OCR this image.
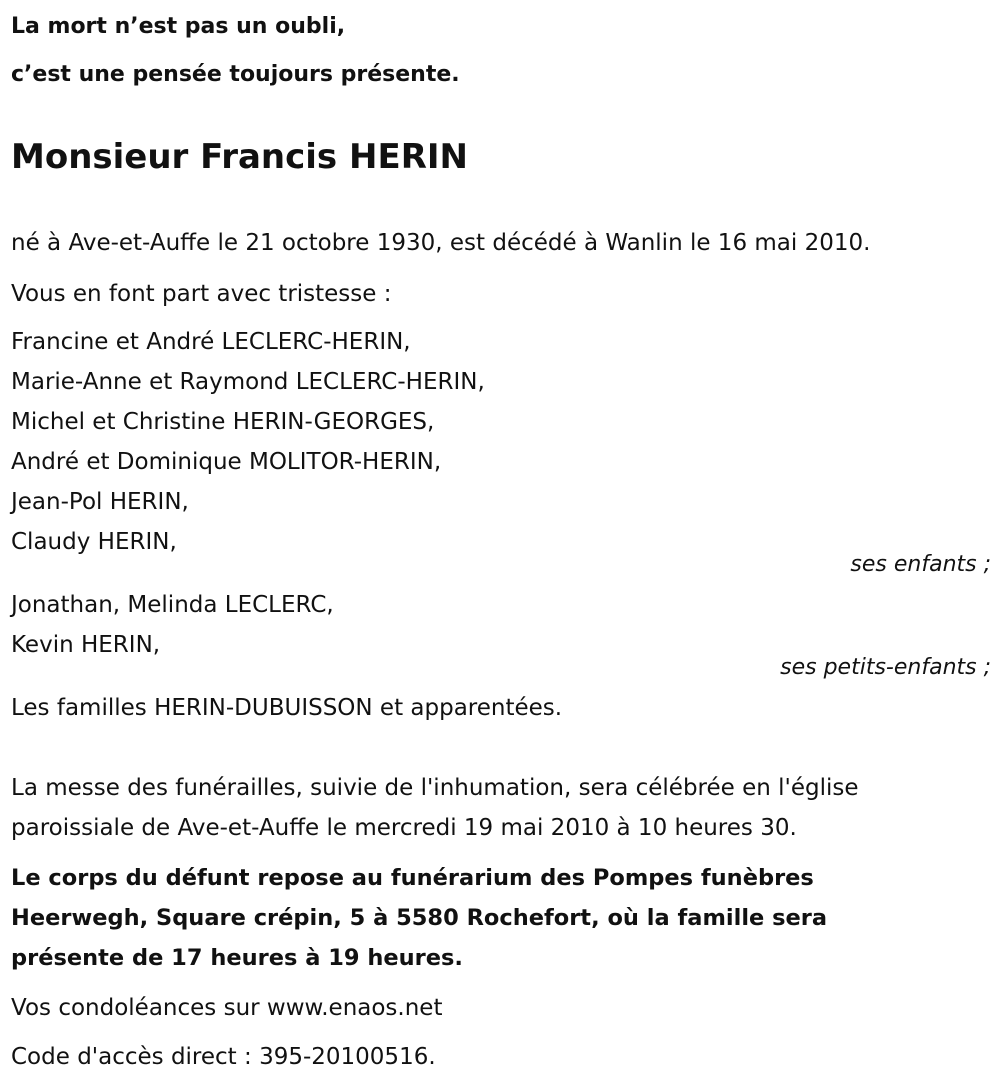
La mort n’est pas un oubli,
c’est une pensée toujours présente.
Monsieur Francis HERIN
né à Ave-et-Auffe le 21 octobre 1930, est décédé à Wanlin le 16 mai 2010.
Vous en font part avec tristesse :
Francine et André LECLERC-HERIN,
Marie-Anne et Raymond LECLERC-HERIN,
Michel et Christine HERIN-GEORGES,
André et Dominique MOLITOR-HERIN,
Jean-Pol HERIN,
Claudy HERIN,
ses enfants ;
Jonathan, Melinda LECLERC,
Kevin HERIN,
ses petits-enfants ;
Les familles HERIN-DUBUISSON et apparentées.
La messe des funérailles, suivie de l'inhumation, sera célébrée en l'église
paroissiale de Ave-et-Auffe le mercredi 19 mai 2010 à 10 heures 30.
Le corps du défunt repose au funérarium des Pompes funèbres
Heerwegh, Square crépin, 5 à 5580 Rochefort, où la famille sera
présente de 17 heures à 19 heures.
Vos condoléances sur www.enaos.net
Code d'accès direct : 395-20100516.
